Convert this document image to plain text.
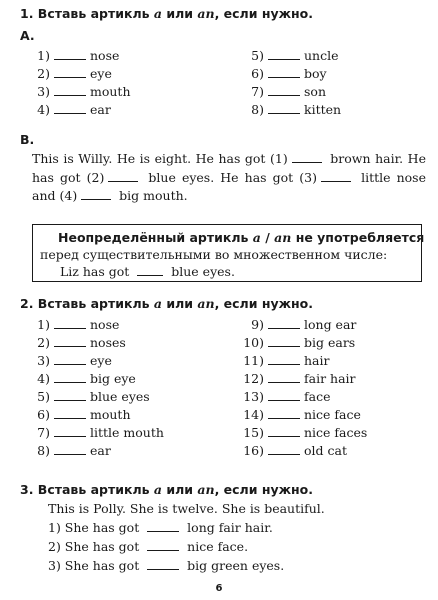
1. Вставь артикль a или an, если нужно.
A.
1)	nose
2)	eye
3)	mouth
4)	ear
5)	uncle
6)	boy
7)	son
8)	kitten
B.
This is Willy. He is eight. He has got (1)	brown hair. He has got (2)	blue eyes. He has got (3)	little nose and (4)	big mouth.
Неопределённый артикль a / an не употребляется
перед существительными во множественном числе:
Liz has got	blue eyes.
2. Вставь артикль a или an, если нужно.
1)	nose
2)	noses
3)	eye
4)	big eye
5)	blue eyes
6)	mouth
7)	little mouth
8)	ear
9)	long ear
10)	big ears
11)	hair
12)	fair hair
13)	face
14)	nice face
15)	nice faces
16)	old cat
3. Вставь артикль a или an, если нужно.
This is Polly. She is twelve. She is beautiful.
1) She has got	long fair hair.
2) She has got	nice face.
3) She has got	big green eyes.
6
